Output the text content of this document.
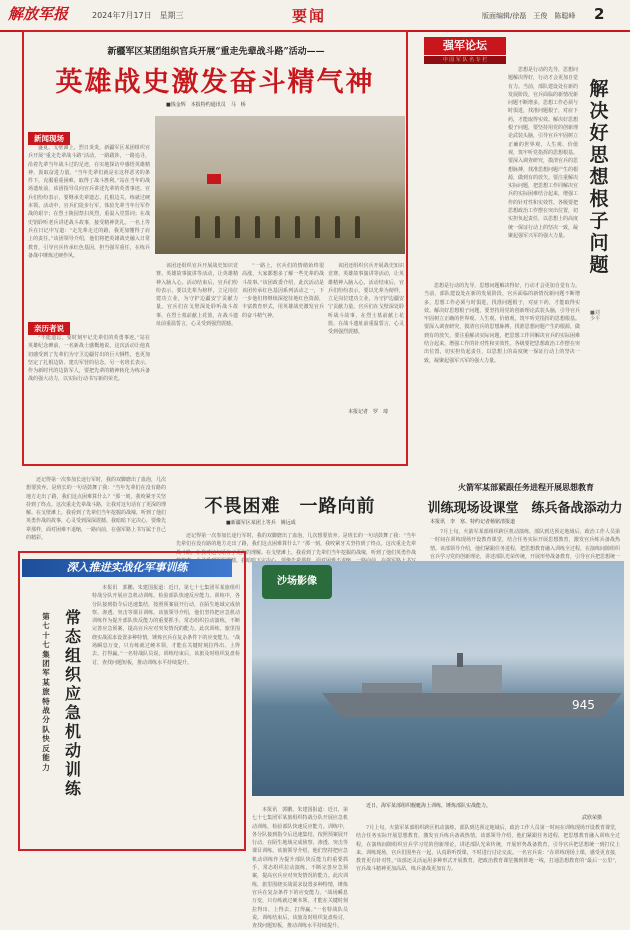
解放军报	2024年7月17日　星期三	要闻	版面编辑/徐磊　王俊　陈聪峰 2
新疆军区某团组织官兵开展“重走先辈战斗路”活动——
英雄战史激发奋斗精气神
■钱金辉　本报特约通讯员　马　桥
新闻现场

盛夏，戈壁滩上，烈日炎炎。新疆军区某团组织官兵开展“重走先辈战斗路”活动，一路跋涉，一路追寻，沿着先辈当年战斗过的足迹，在实地探访中感悟英雄精神，汲取奋进力量。“当年先辈们就是在这样恶劣的条件下，克服重重困难，取得了战斗胜利。”站在当年的战场遗址前，该团指导员向官兵讲述先辈的英勇事迹。官兵们纷纷表示，要继承先辈遗志，扎根边关，练就过硬本领。活动中，官兵们徒步行军，体验先辈当年行军作战的艰辛；在烈士陵园祭扫英烈，重温入党誓词；在战史馆聆听老兵讲述战斗故事，接受精神洗礼。一名上等兵在日记中写道：“走先辈走过的路，我更加懂得了肩上的责任。”该团领导介绍，他们将把英雄战史融入日常教育，引导官兵传承红色基因，担当强军重任，在练兵备战中锤炼过硬作风。

该团还组织官兵开展战史知识竞赛、英雄故事演讲等活动，让英雄精神入脑入心。活动结束后，官兵们纷纷表示，要以先辈为榜样，立足岗位建功立业，为守护边疆安宁贡献力量。官兵们在戈壁深处聆听战斗故事，在烈士墓前献上花篮，在战斗遗址前重温誓言，心灵受到强烈震撼。

“一路上，官兵们的情绪始终很高涨，大家都想多了解一些先辈的战斗故事。”该团政委介绍，此次活动是该团传承红色基因系列活动之一，下一步他们将继续深挖驻地红色资源，丰富教育形式，用英雄战史激发官兵的奋斗精气神。

该团还组织官兵开展战史知识竞赛、英雄故事演讲等活动，让英雄精神入脑入心。活动结束后，官兵们纷纷表示，要以先辈为榜样，立足岗位建功立业，为守护边疆安宁贡献力量。官兵们在戈壁深处聆听战斗故事，在烈士墓前献上花篮，在战斗遗址前重温誓言，心灵受到强烈震撼。

本报记者　罗　琦
亲历者说

“不能遗忘，要时刻牢记先辈们的英勇事迹。”站在英雄纪念碑前，一名新战士感慨地说。这次活动让他真切感受到了先辈们为守卫边疆付出的巨大牺牲，也更加坚定了扎根边防、建功军营的信念。另一名班长表示，作为新时代的边防军人，要把先辈的精神转化为练兵备战的强大动力，以实际行动书写新的荣光。

强军论坛
中 国 军 队 名 专 栏
解决好思想根子问题
■刘少平

思想是行动的先导，思想问题解决得好，行动才会更加自觉有力。当前，部队建设处在新的发展阶段，官兵面临的新情况新问题不断增多，思想工作必须与时俱进，找准问题根子，对症下药，才能取得实效。解决好思想根子问题，要坚持用党的创新理论武装头脑，引导官兵牢固树立正确的世界观、人生观、价值观，筑牢听党指挥的思想根基。要深入调查研究，摸清官兵的思想脉搏，找准思想问题产生的根源，做到有的放矢。要注重解决实际问题，把思想工作同解决官兵的实际困难结合起来，增强工作的针对性和实效性。各级要把思想政治工作摆在突出位置，切实担负起责任，以思想上的高度统一保证行动上的坚决一致，凝聚起强军兴军的强大力量。

思想是行动的先导，思想问题解决得好，行动才会更加自觉有力。当前，部队建设处在新的发展阶段，官兵面临的新情况新问题不断增多，思想工作必须与时俱进，找准问题根子，对症下药，才能取得实效。解决好思想根子问题，要坚持用党的创新理论武装头脑，引导官兵牢固树立正确的世界观、人生观、价值观，筑牢听党指挥的思想根基。要深入调查研究，摸清官兵的思想脉搏，找准思想问题产生的根源，做到有的放矢。要注重解决实际问题，把思想工作同解决官兵的实际困难结合起来，增强工作的针对性和实效性。各级要把思想政治工作摆在突出位置，切实担负起责任，以思想上的高度统一保证行动上的坚决一致，凝聚起强军兴军的强大力量。

不畏困难　一路向前
■新疆军区某团上等兵　姚远成

还记得第一次参加长途行军时，我的双脚磨出了血泡，几次想要放弃。是班长的一句话鼓舞了我：“当年先辈们在没有路的地方走出了路，我们这点困难算什么？”那一刻，我咬紧牙关坚持到了终点。这次重走先辈战斗路，让我对这句话有了更深的理解。在戈壁滩上，我看到了先辈们当年挖掘的战壕，听到了他们英勇作战的故事，心灵受到深深震撼。我暗暗下定决心，要像先辈那样，面对困难不退缩，一路向前，在强军路上书写属于自己的精彩。	还记得第一次参加长途行军时，我的双脚磨出了血泡，几次想要放弃。是班长的一句话鼓舞了我：“当年先辈们在没有路的地方走出了路，我们这点困难算什么？”那一刻，我咬紧牙关坚持到了终点。这次重走先辈战斗路，让我对这句话有了更深的理解。在戈壁滩上，我看到了先辈们当年挖掘的战壕，听到了他们英勇作战 受到深深震撼。我暗暗下定

火箭军某部紧跟任务进程开展思想教育
训练现场设课堂　练兵备战添动力
本报讯　李　寒、特约记者杨铭清报道

7月上旬，火箭军某部组织跨区机动演练，部队到达预定地域后，政治工作人员第一时间在训练现场开设教育课堂，结合任务实际开展思想教育，激发官兵练兵备战热情。该部领导介绍，他们紧跟任务进程，把思想教育融入训练全过程，在演练间隙组织官兵学习党的创新理论，讲述部队光荣传统，开展形势战备教育，引导官兵把思想统一

深入推进实战化军事训练
第七十七集团军某旅特战分队快反能力
常态组织应急机动训练

本报讯　郭鹏、朱建国报道：近日，第七十七集团军某旅组织特战分队开展应急机动训练，检验部队快速反应能力。训练中，各分队接到指令后迅速集结，按照预案展开行动，在陌生地域完成侦察、渗透、突击等课目训练。该旅领导介绍，他们坚持把应急机动训练作为提升部队快反能力的重要抓手，常态组织拉动演练，不断完善应急预案，提高官兵应对突发情况的能力。此次训练，旅里围绕实战需求设置多种特情，锤炼官兵在复杂条件下的应变能力。“战场瞬息万变，只有练就过硬本领，才能在关键时刻拉得出、上得去、打得赢。”一名特战队员说。训练结束后，该旅及时组织复盘检讨，查找问题短板，推动训练水平持续提升。

945
沙场影像

近日，海军某部组织舰艇海上训练，锤炼部队实战能力。

武欣荣摄

本报讯　郭鹏、朱建国报道：近日，第七十七集团军某旅组织特战分队开展应急机动训练，检验部队快速反应能力。训练中，各分队接到指令后迅速集结，按照预案展开行动，在陌生地域完成侦察、渗透、突击等课目训练。该旅领导介绍，他们坚持把应急机动训练作为提升部队快反能力的重要抓手，常态组织拉动演练，不断完善应急预案，提高官兵应对突发情况的能力。此次训练，旅里围绕实战需求设置多种特情，锤炼官兵在复杂条件下的应变能力。“战场瞬息万变，只有练就过硬本领，才能在关键时刻拉得出、上得去、打得赢。”一名特战队员说。训练结束后，该旅及时组织复盘检讨，查找问题短板，推动训练水平持续提升。

7月上旬，火箭军某部组织跨区机动演练，部队到达预定地域后，政治工作人员第一时间在训练现场开设教育课堂，结合任务实际开展思想教育，激发官兵练兵备战热情。该部领导介绍，他们紧跟任务进程，把思想教育融入训练全过程，在演练间隙组织官兵学习党的创新理论，讲述部队光荣传统，开展形势战备教育，引导官兵把思想统一到打仗上来。训练现场，官兵们围坐在一起，认真聆听授课，不时进行讨论交流。一名官兵说：“在训练现场上课，感受更直接，教育更有针对性。”该部还灵活运用多种形式开展教育，把政治教育课堂搬到阵地一线，打通思想教育的“最后一公里”，官兵战斗精神更加高昂，练兵备战更加有力。
